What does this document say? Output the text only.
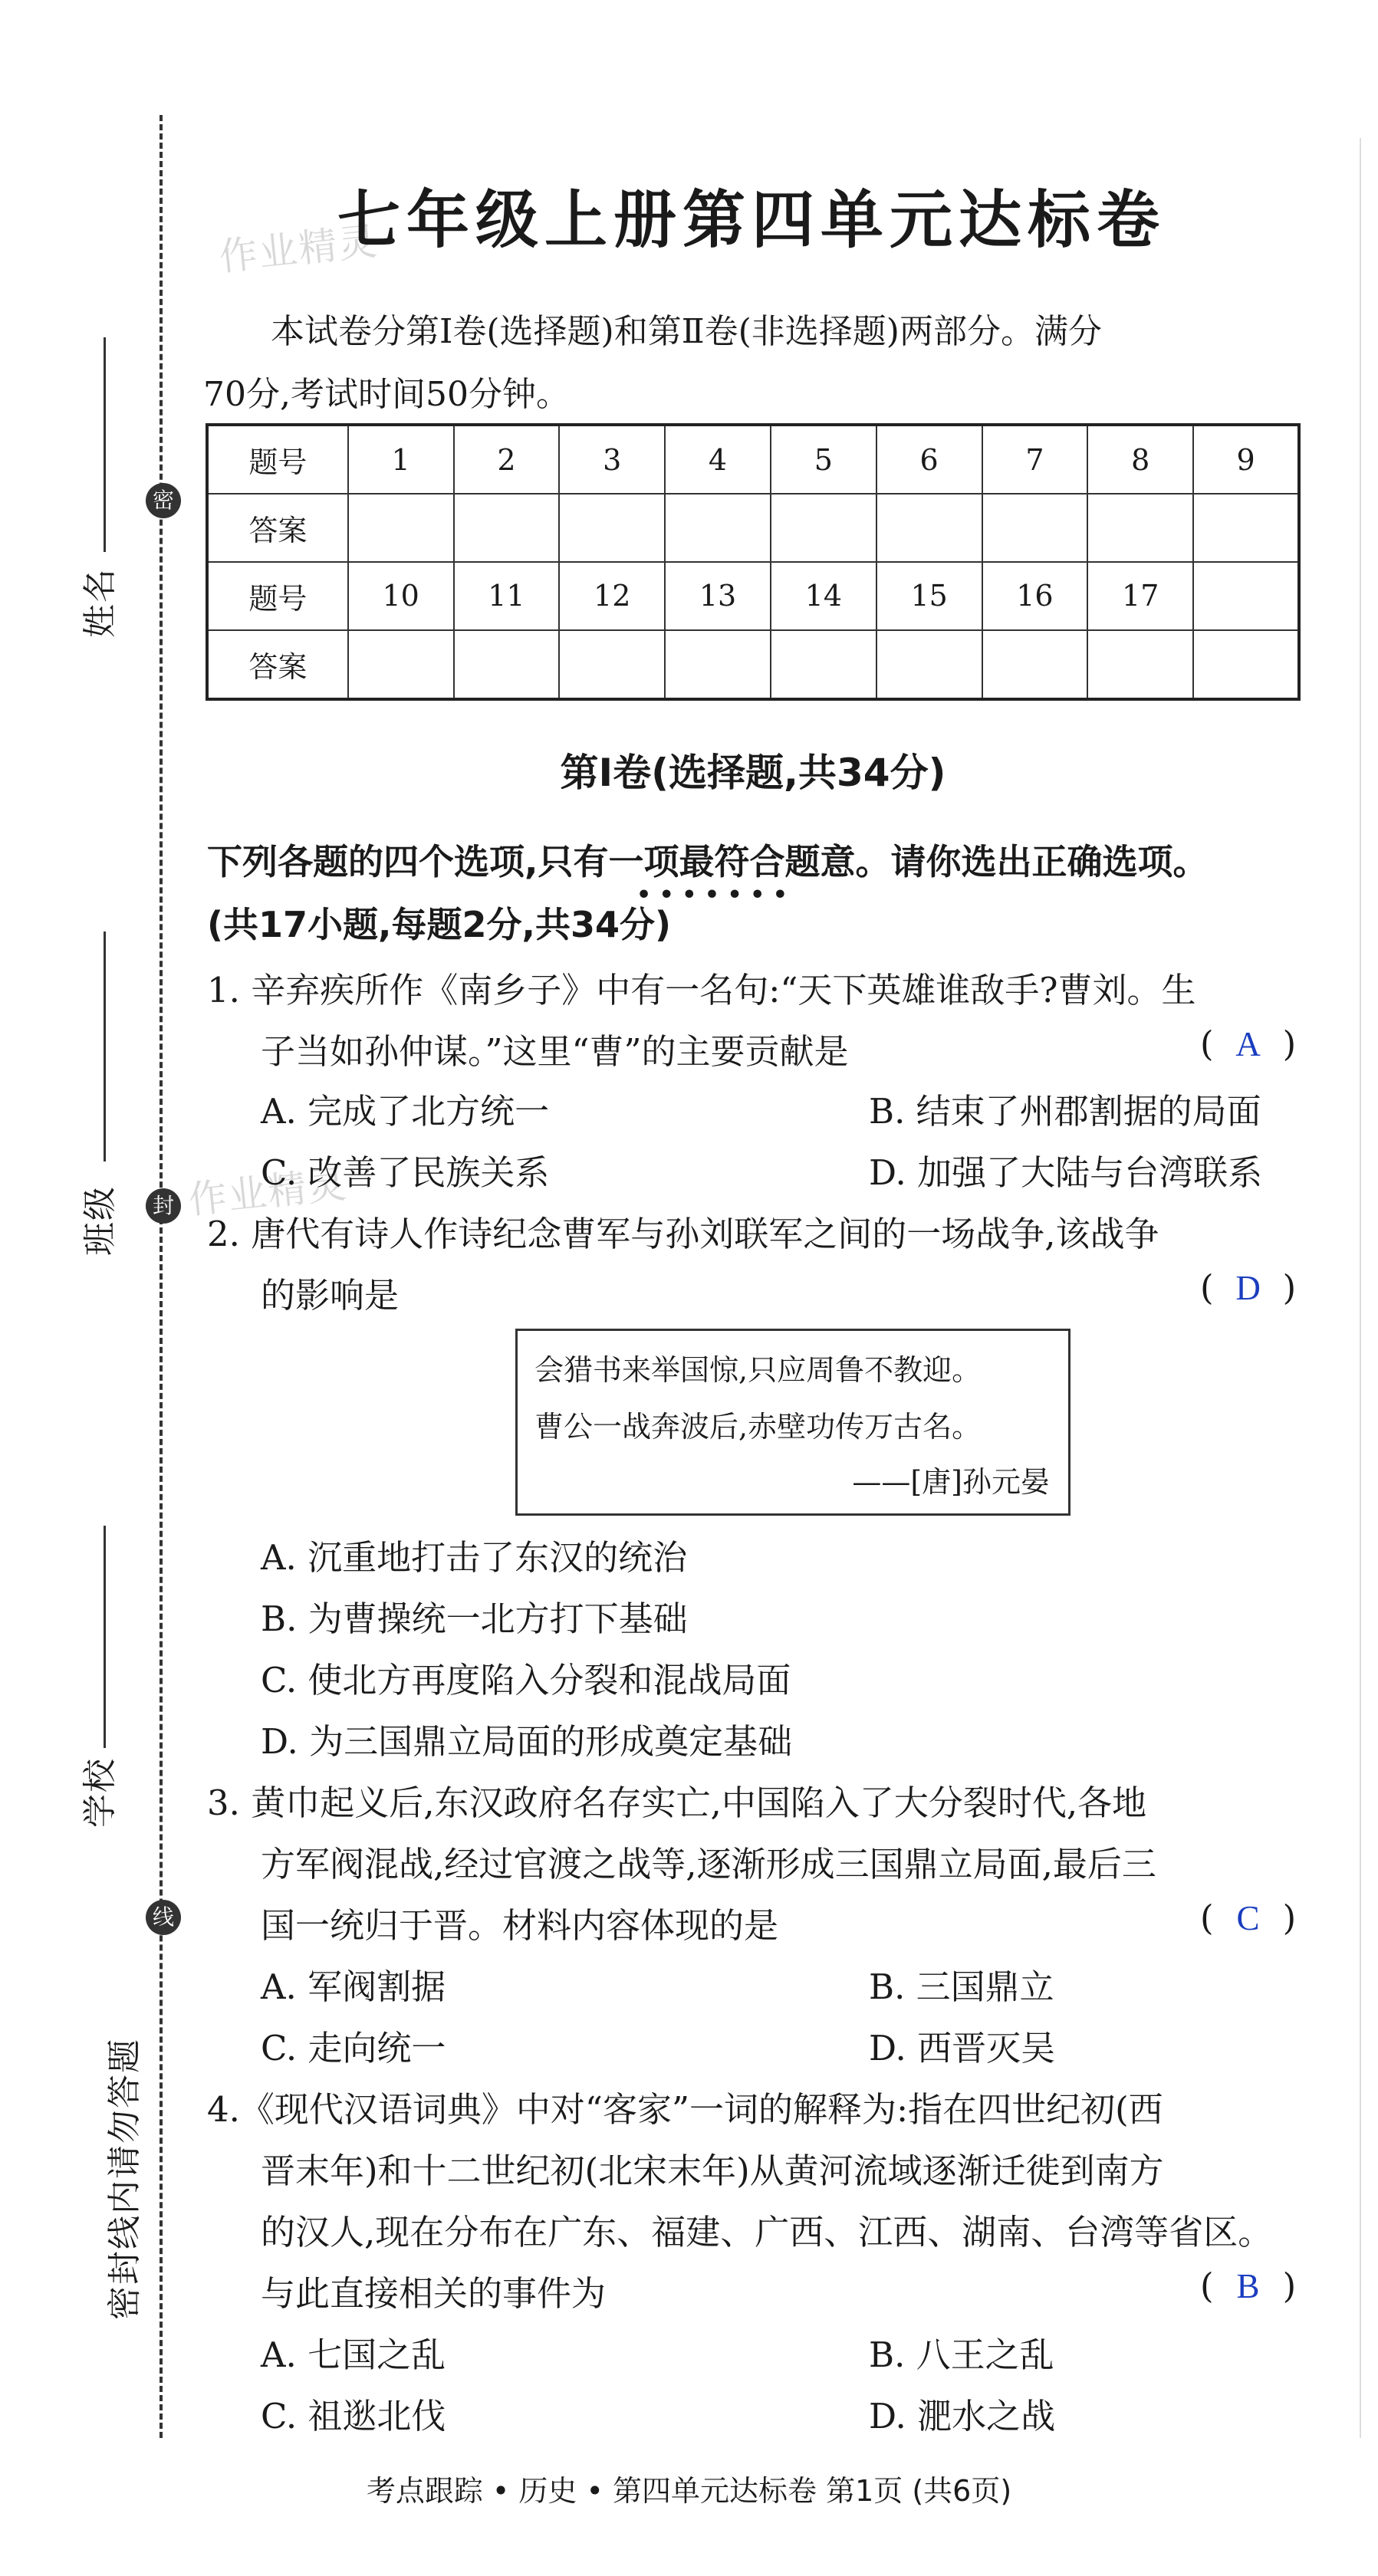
密
封
线
姓名
班级
学校
密封线内请勿答题
作业精灵
作业精灵
七年级上册第四单元达标卷
本试卷分第Ⅰ卷(选择题)和第Ⅱ卷(非选择题)两部分。满分
70分,考试时间50分钟。
题号	1	2	3	4	5	6	7	8	9
答案									
题号	10	11	12	13	14	15	16	17	
答案									
第Ⅰ卷(选择题,共34分)
下列各题的四个选项,只有一项最符合题意。请你选出正确选项。
• • • • • • •
(共17小题,每题2分,共34分)
1. 辛弃疾所作《南乡子》中有一名句:“天下英雄谁敌手?曹刘。生
子当如孙仲谋。”这里“曹”的主要贡献是	( A )
A. 完成了北方统一	B. 结束了州郡割据的局面
C. 改善了民族关系	D. 加强了大陆与台湾联系
2. 唐代有诗人作诗纪念曹军与孙刘联军之间的一场战争,该战争
的影响是	( D )
会猎书来举国惊,只应周鲁不教迎。
曹公一战奔波后,赤壁功传万古名。
——[唐]孙元晏
A. 沉重地打击了东汉的统治
B. 为曹操统一北方打下基础
C. 使北方再度陷入分裂和混战局面
D. 为三国鼎立局面的形成奠定基础
3. 黄巾起义后,东汉政府名存实亡,中国陷入了大分裂时代,各地
方军阀混战,经过官渡之战等,逐渐形成三国鼎立局面,最后三
国一统归于晋。材料内容体现的是	( C )
A. 军阀割据	B. 三国鼎立
C. 走向统一	D. 西晋灭吴
4.《现代汉语词典》中对“客家”一词的解释为:指在四世纪初(西
晋末年)和十二世纪初(北宋末年)从黄河流域逐渐迁徙到南方
的汉人,现在分布在广东、福建、广西、江西、湖南、台湾等省区。
与此直接相关的事件为	( B )
A. 七国之乱	B. 八王之乱
C. 祖逖北伐	D. 淝水之战
考点跟踪 • 历史 • 第四单元达标卷 第1页 (共6页)
